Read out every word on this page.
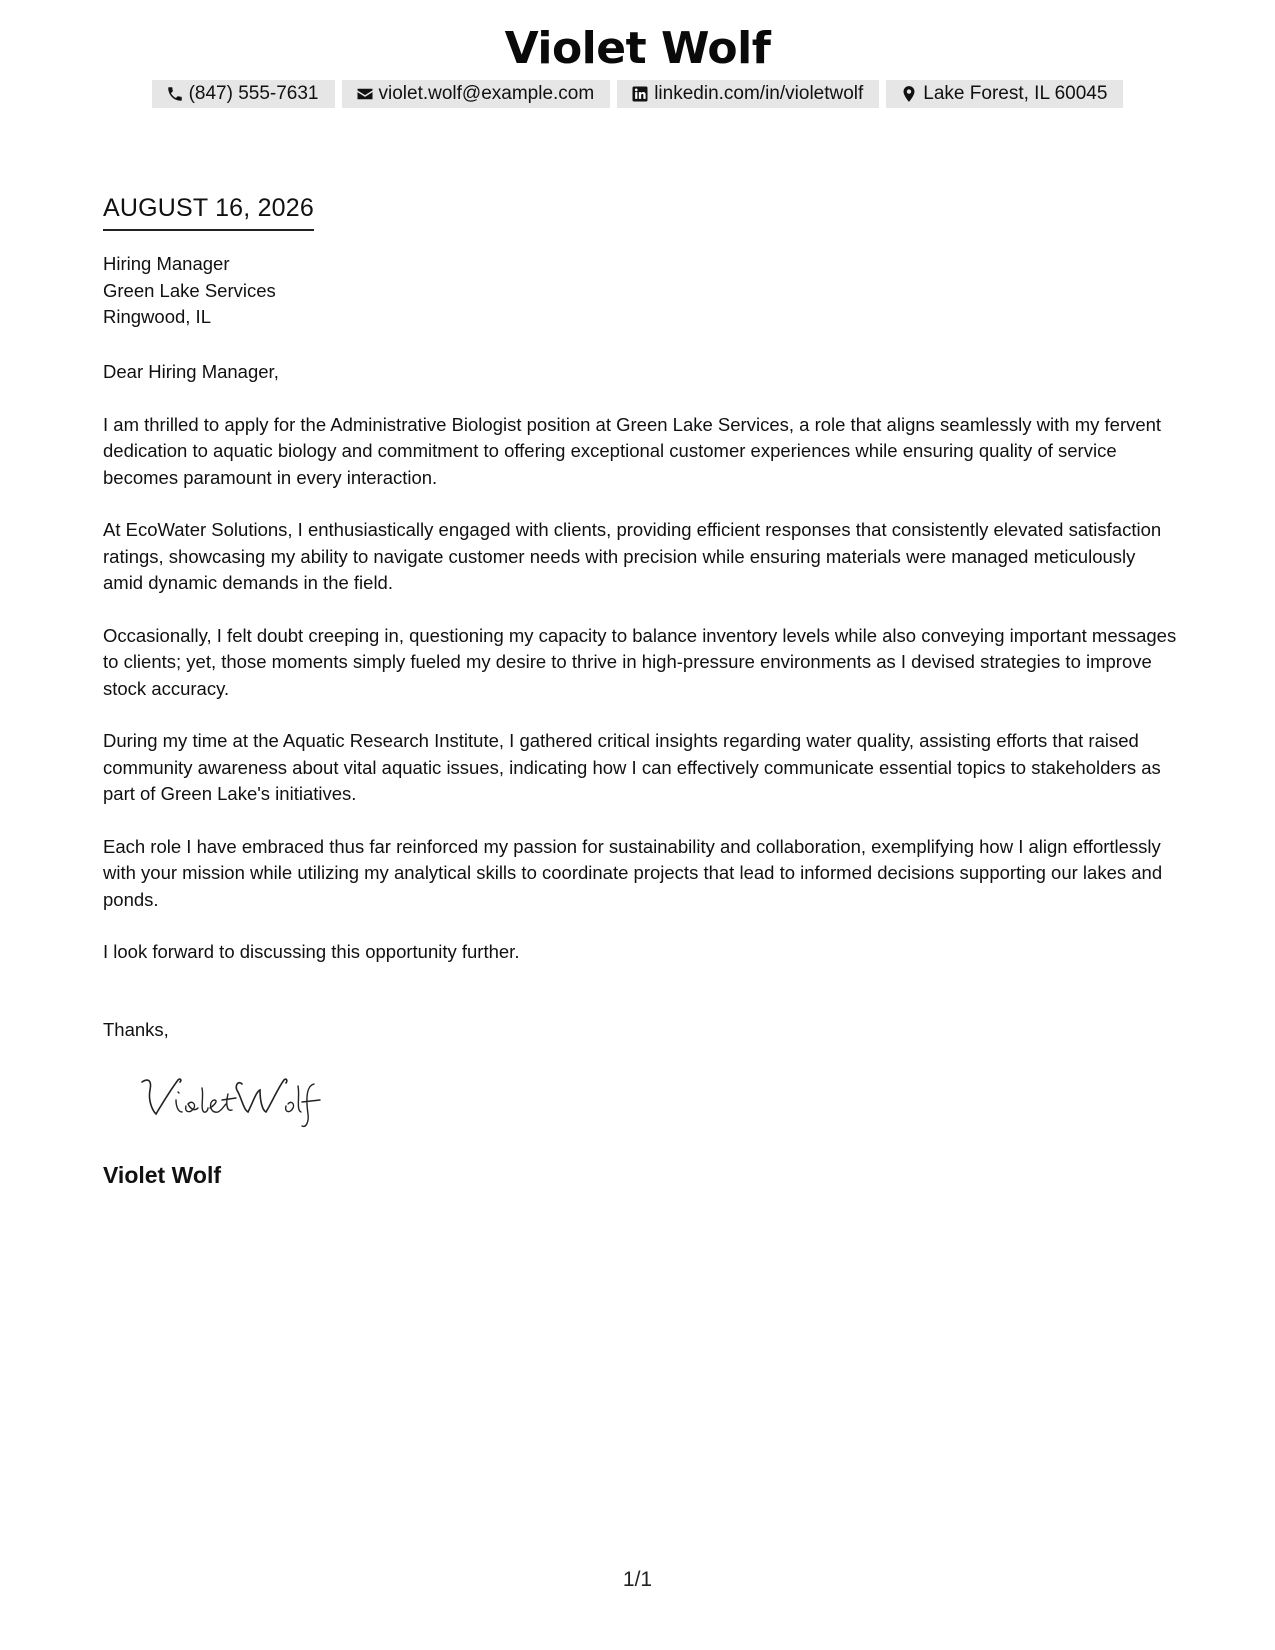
Violet Wolf
(847) 555-7631	violet.wolf@example.com	linkedin.com/in/violetwolf	Lake Forest, IL 60045
AUGUST 16, 2026
Hiring Manager
Green Lake Services
Ringwood, IL

Dear Hiring Manager,

I am thrilled to apply for the Administrative Biologist position at Green Lake Services, a role that aligns seamlessly with my fervent dedication to aquatic biology and commitment to offering exceptional customer experiences while ensuring quality of service becomes paramount in every interaction.

At EcoWater Solutions, I enthusiastically engaged with clients, providing efficient responses that consistently elevated satisfaction ratings, showcasing my ability to navigate customer needs with precision while ensuring materials were managed meticulously amid dynamic demands in the field.

Occasionally, I felt doubt creeping in, questioning my capacity to balance inventory levels while also conveying important messages to clients; yet, those moments simply fueled my desire to thrive in high-pressure environments as I devised strategies to improve stock accuracy.

During my time at the Aquatic Research Institute, I gathered critical insights regarding water quality, assisting efforts that raised community awareness about vital aquatic issues, indicating how I can effectively communicate essential topics to stakeholders as part of Green Lake's initiatives.

Each role I have embraced thus far reinforced my passion for sustainability and collaboration, exemplifying how I align effortlessly with your mission while utilizing my analytical skills to coordinate projects that lead to informed decisions supporting our lakes and ponds.

I look forward to discussing this opportunity further.

Thanks,
Violet Wolf
1/1
